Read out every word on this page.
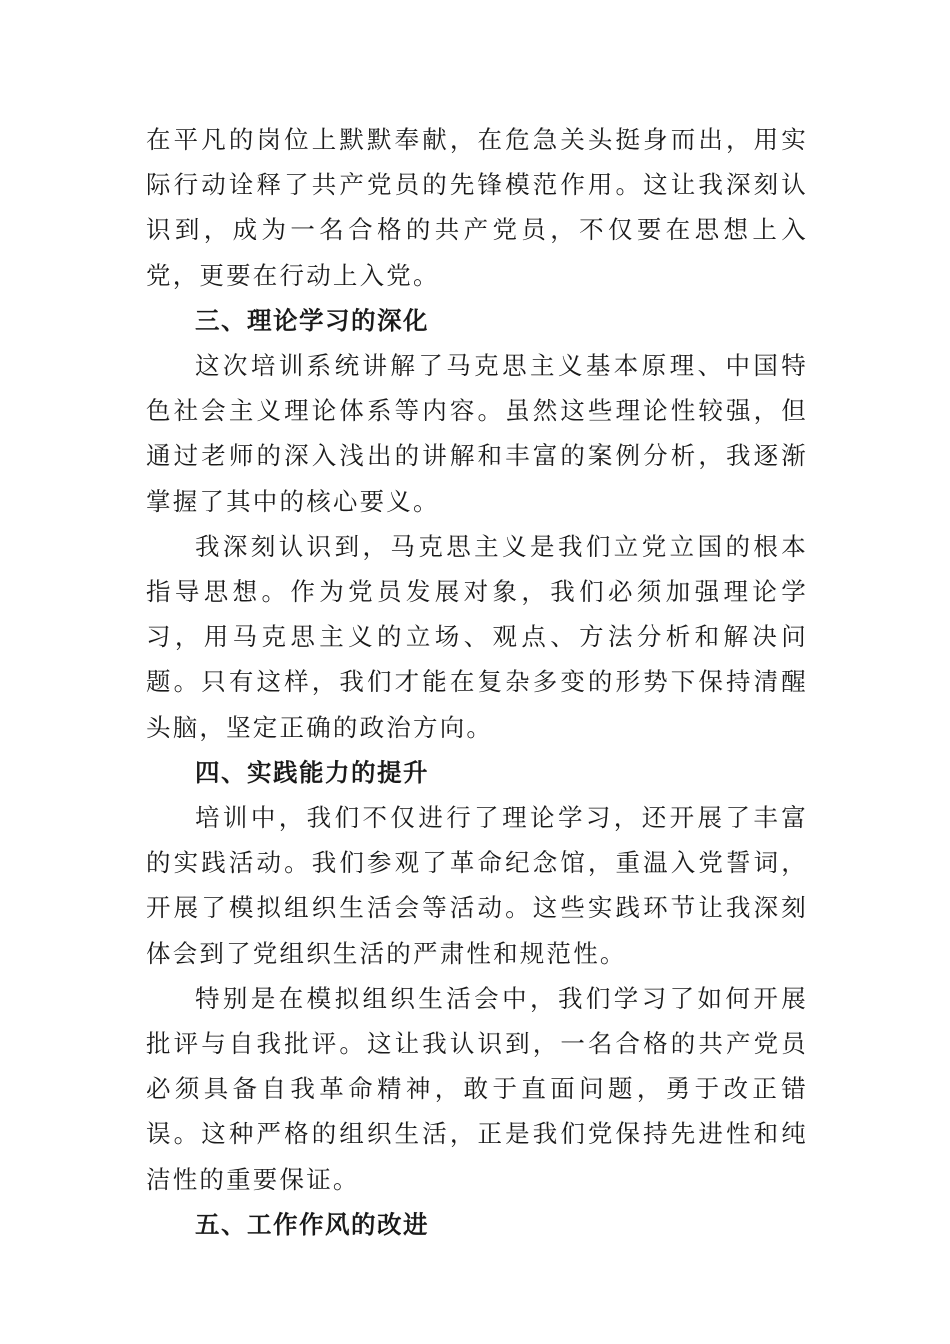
在平凡的岗位上默默奉献，在危急关头挺身而出，用实际行动诠释了共产党员的先锋模范作用。这让我深刻认识到，成为一名合格的共产党员，不仅要在思想上入党，更要在行动上入党。

三、理论学习的深化

这次培训系统讲解了马克思主义基本原理、中国特色社会主义理论体系等内容。虽然这些理论性较强，但通过老师的深入浅出的讲解和丰富的案例分析，我逐渐掌握了其中的核心要义。

我深刻认识到，马克思主义是我们立党立国的根本指导思想。作为党员发展对象，我们必须加强理论学习，用马克思主义的立场、观点、方法分析和解决问题。只有这样，我们才能在复杂多变的形势下保持清醒头脑，坚定正确的政治方向。

四、实践能力的提升

培训中，我们不仅进行了理论学习，还开展了丰富的实践活动。我们参观了革命纪念馆，重温入党誓词，开展了模拟组织生活会等活动。这些实践环节让我深刻体会到了党组织生活的严肃性和规范性。

特别是在模拟组织生活会中，我们学习了如何开展批评与自我批评。这让我认识到，一名合格的共产党员必须具备自我革命精神，敢于直面问题，勇于改正错误。这种严格的组织生活，正是我们党保持先进性和纯洁性的重要保证。

五、工作作风的改进
